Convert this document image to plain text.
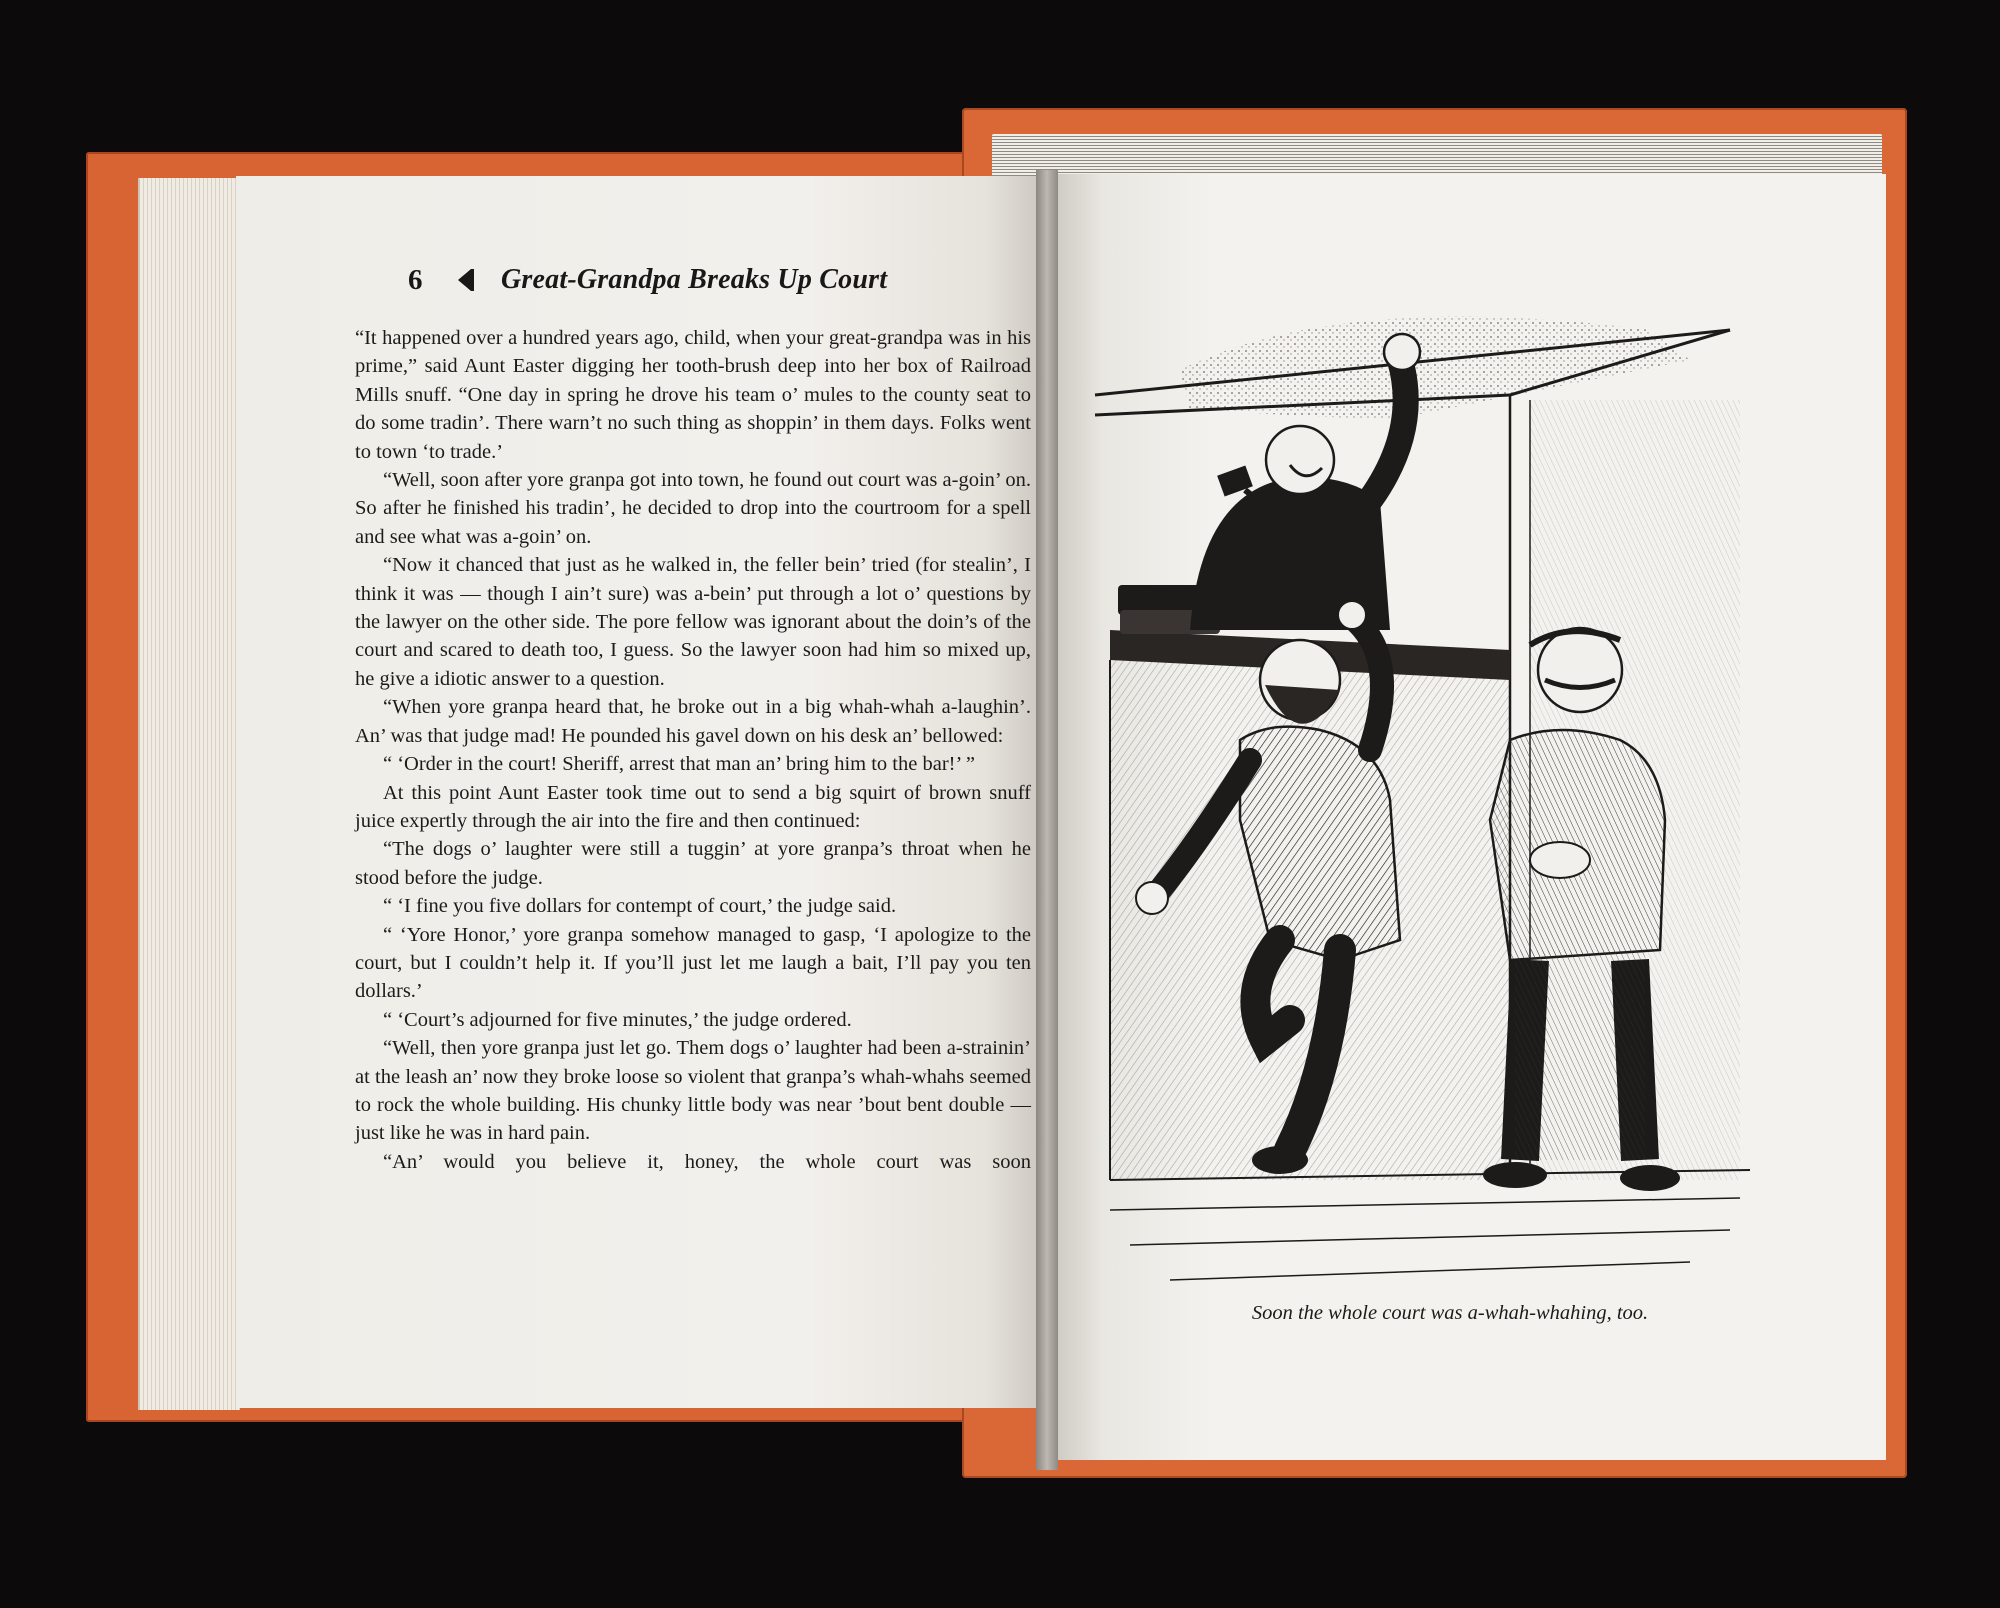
6	Great-Grandpa Breaks Up Court

“It happened over a hundred years ago, child, when your great-grandpa was in his prime,” said Aunt Easter digging her tooth-brush deep into her box of Railroad Mills snuff. “One day in spring he drove his team o’ mules to the county seat to do some tradin’. There warn’t no such thing as shoppin’ in them days. Folks went to town ‘to trade.’

“Well, soon after yore granpa got into town, he found out court was a-goin’ on. So after he finished his tradin’, he decided to drop into the courtroom for a spell and see what was a-goin’ on.

“Now it chanced that just as he walked in, the feller bein’ tried (for stealin’, I think it was — though I ain’t sure) was a-bein’ put through a lot o’ questions by the lawyer on the other side. The pore fellow was ignorant about the doin’s of the court and scared to death too, I guess. So the lawyer soon had him so mixed up, he give a idiotic answer to a question.

“When yore granpa heard that, he broke out in a big whah-whah a-laughin’. An’ was that judge mad! He pounded his gavel down on his desk an’ bellowed:

“ ‘Order in the court! Sheriff, arrest that man an’ bring him to the bar!’ ”

At this point Aunt Easter took time out to send a big squirt of brown snuff juice expertly through the air into the fire and then continued:

“The dogs o’ laughter were still a tuggin’ at yore granpa’s throat when he stood before the judge.

“ ‘I fine you five dollars for contempt of court,’ the judge said.

“ ‘Yore Honor,’ yore granpa somehow managed to gasp, ‘I apologize to the court, but I couldn’t help it. If you’ll just let me laugh a bait, I’ll pay you ten dollars.’

“ ‘Court’s adjourned for five minutes,’ the judge ordered.

“Well, then yore granpa just let go. Them dogs o’ laughter had been a-strainin’ at the leash an’ now they broke loose so violent that granpa’s whah-whahs seemed to rock the whole building. His chunky little body was near ’bout bent double — just like he was in hard pain.

“An’ would you believe it, honey, the whole court was soon

Soon the whole court was a-whah-whahing, too.
